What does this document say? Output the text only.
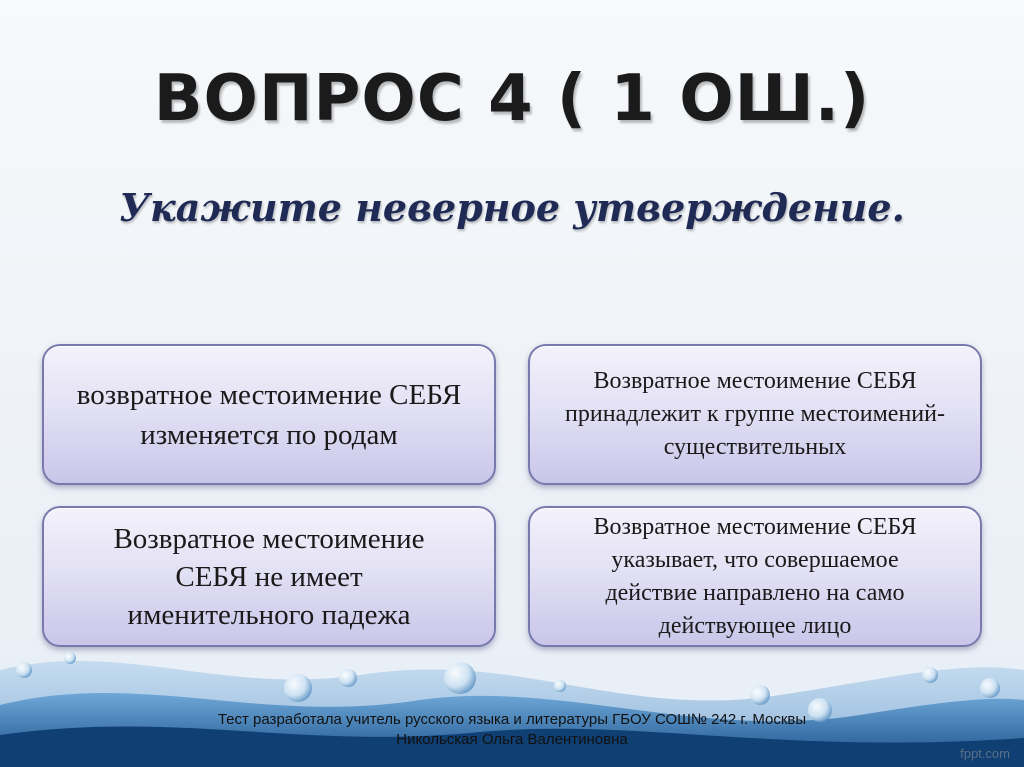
ВОПРОС 4 ( 1 ОШ.)
Укажите неверное утверждение.
возвратное местоимение СЕБЯ изменяется по родам
Возвратное местоимение СЕБЯ принадлежит к группе местоимений-существительных
Возвратное местоимение СЕБЯ не имеет именительного падежа
Возвратное местоимение СЕБЯ указывает, что совершаемое действие направлено на само действующее лицо
Тест разработала учитель русского языка и литературы ГБОУ СОШ№ 242 г. Москвы
Никольская Ольга Валентиновна
fppt.com
